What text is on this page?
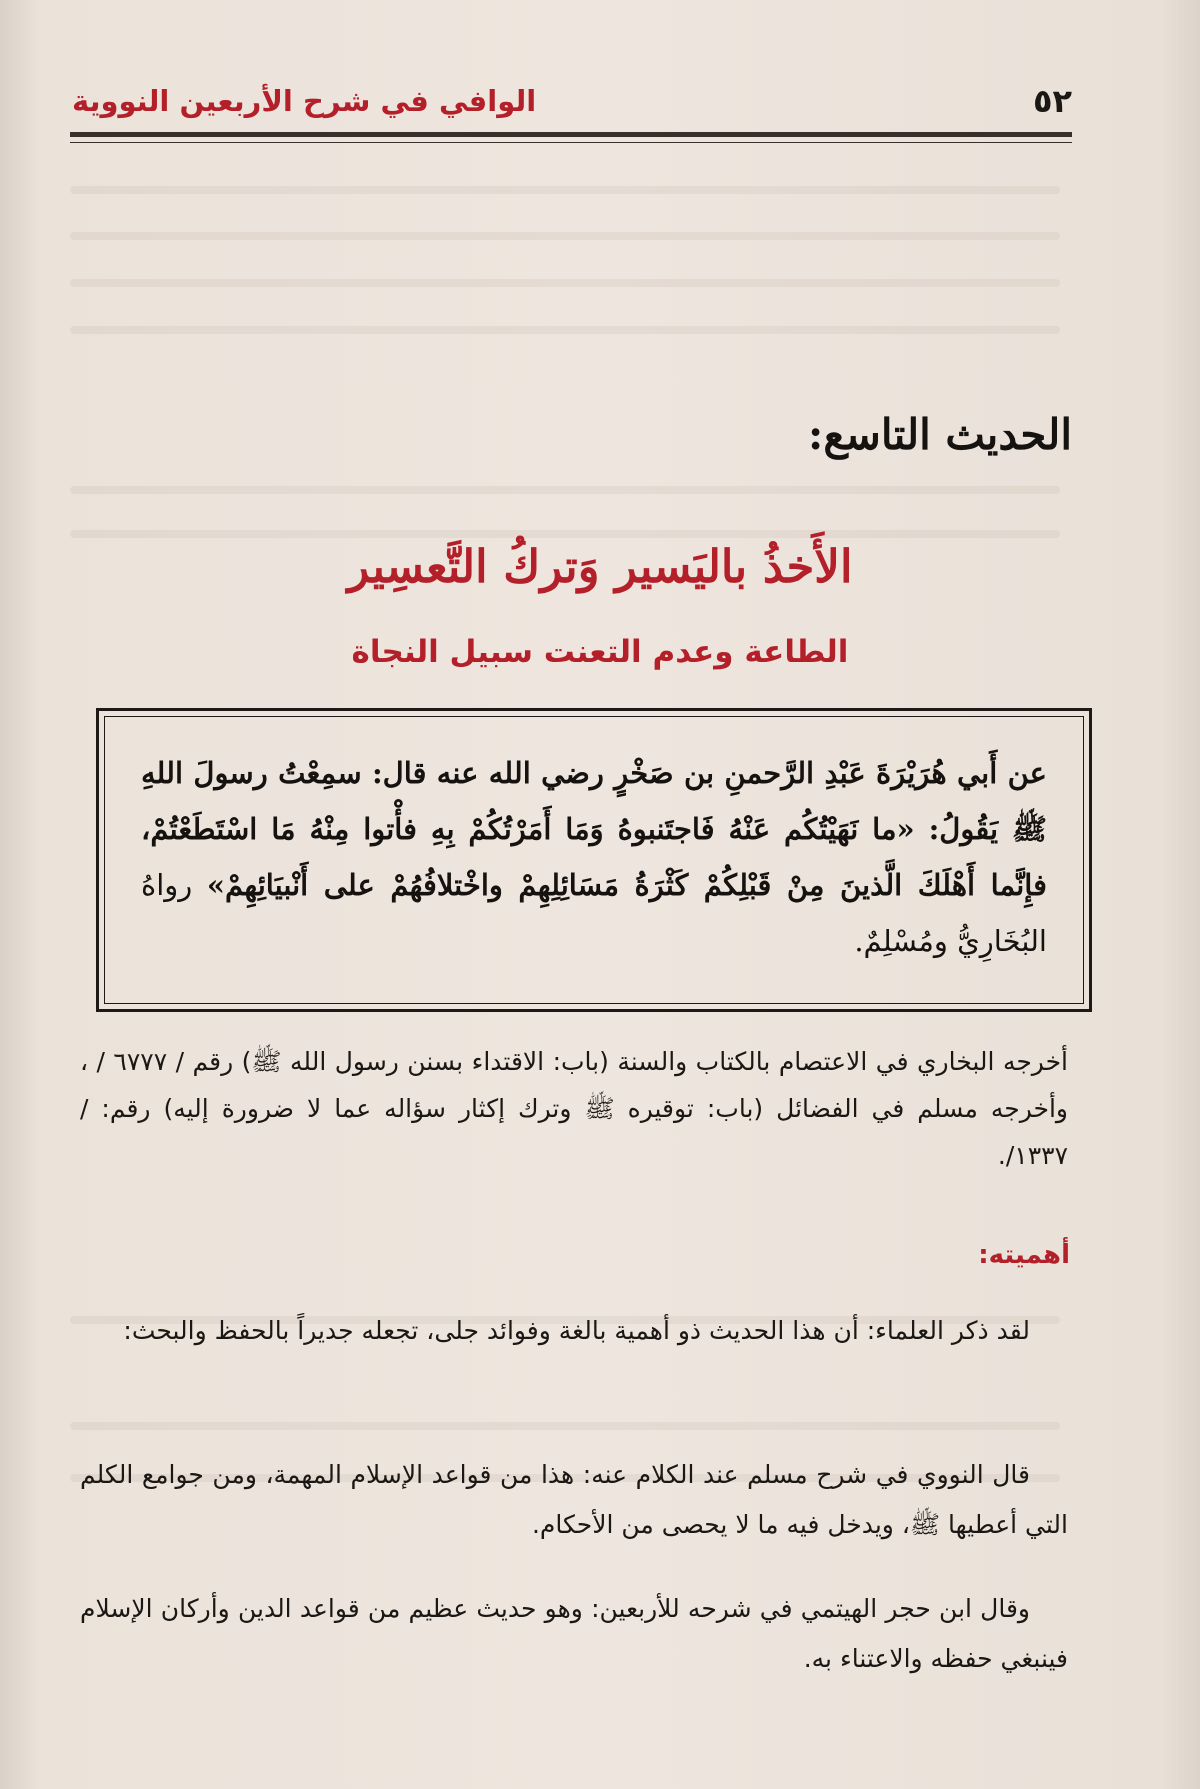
٥٢
الوافي في شرح الأربعين النووية
الحديث التاسع:
الأَخذُ باليَسير وَتركُ التَّعسِير
الطاعة وعدم التعنت سبيل النجاة
عن أَبي هُرَيْرَةَ عَبْدِ الرَّحمنِ بن صَخْرٍ رضي الله عنه قال: سمِعْتُ رسولَ اللهِ ﷺ يَقُولُ: «ما نَهَيْتُكُم عَنْهُ فَاجتَنبوهُ وَمَا أَمَرْتُكُمْ بِهِ فأْتوا مِنْهُ مَا اسْتَطَعْتُمْ، فإِنَّما أَهْلَكَ الَّذينَ مِنْ قَبْلِكُمْ كَثْرَةُ مَسَائِلِهِمْ واخْتلافُهُمْ على أَنْبيَائِهِمْ» رواهُ البُخَارِيُّ ومُسْلِمٌ.
أخرجه البخاري في الاعتصام بالكتاب والسنة (باب: الاقتداء بسنن رسول الله ﷺ) رقم / ٦٧٧٧ / ، وأخرجه مسلم في الفضائل (باب: توقيره ﷺ وترك إكثار سؤاله عما لا ضرورة إليه) رقم: / ١٣٣٧/.
أهميته:
لقد ذكر العلماء: أن هذا الحديث ذو أهمية بالغة وفوائد جلى، تجعله جديراً بالحفظ والبحث:
قال النووي في شرح مسلم عند الكلام عنه: هذا من قواعد الإسلام المهمة، ومن جوامع الكلم التي أعطيها ﷺ، ويدخل فيه ما لا يحصى من الأحكام.
وقال ابن حجر الهيتمي في شرحه للأربعين: وهو حديث عظيم من قواعد الدين وأركان الإسلام فينبغي حفظه والاعتناء به.
